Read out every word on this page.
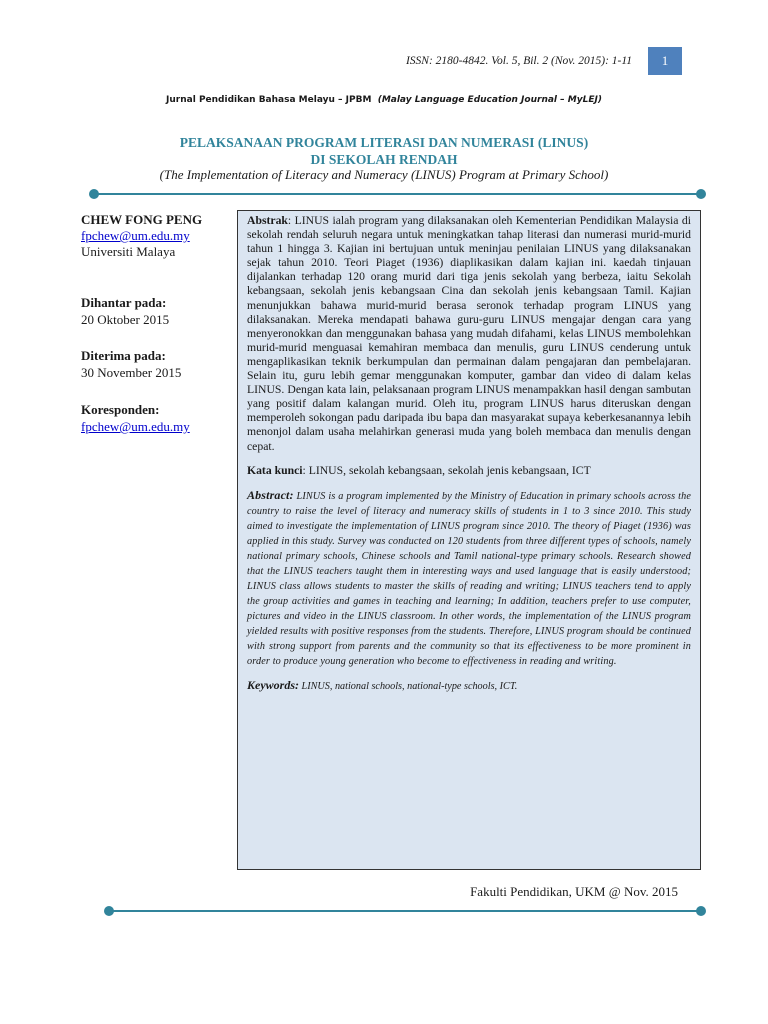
ISSN: 2180-4842. Vol. 5, Bil. 2 (Nov. 2015): 1-11	1
Jurnal Pendidikan Bahasa Melayu – JPBM (Malay Language Education Journal – MyLEJ)
PELAKSANAAN PROGRAM LITERASI DAN NUMERASI (LINUS)
DI SEKOLAH RENDAH
(The Implementation of Literacy and Numeracy (LINUS) Program at Primary School)
CHEW FONG PENG
fpchew@um.edu.my
Universiti Malaya
Dihantar pada:
20 Oktober 2015
Diterima pada:
30 November 2015
Koresponden:
fpchew@um.edu.my

Abstrak: LINUS ialah program yang dilaksanakan oleh Kementerian Pendidikan Malaysia di sekolah rendah seluruh negara untuk meningkatkan tahap literasi dan numerasi murid-murid tahun 1 hingga 3. Kajian ini bertujuan untuk meninjau penilaian LINUS yang dilaksanakan sejak tahun 2010. Teori Piaget (1936) diaplikasikan dalam kajian ini. kaedah tinjauan dijalankan terhadap 120 orang murid dari tiga jenis sekolah yang berbeza, iaitu Sekolah kebangsaan, sekolah jenis kebangsaan Cina dan sekolah jenis kebangsaan Tamil. Kajian menunjukkan bahawa murid-murid berasa seronok terhadap program LINUS yang dilaksanakan. Mereka mendapati bahawa guru-guru LINUS mengajar dengan cara yang menyeronokkan dan menggunakan bahasa yang mudah difahami, kelas LINUS membolehkan murid-murid menguasai kemahiran membaca dan menulis, guru LINUS cenderung untuk mengaplikasikan teknik berkumpulan dan permainan dalam pengajaran dan pembelajaran. Selain itu, guru lebih gemar menggunakan komputer, gambar dan video di dalam kelas LINUS. Dengan kata lain, pelaksanaan program LINUS menampakkan hasil dengan sambutan yang positif dalam kalangan murid. Oleh itu, program LINUS harus diteruskan dengan memperoleh sokongan padu daripada ibu bapa dan masyarakat supaya keberkesanannya lebih menonjol dalam usaha melahirkan generasi muda yang boleh membaca dan menulis dengan cepat.

Kata kunci: LINUS, sekolah kebangsaan, sekolah jenis kebangsaan, ICT

Abstract: LINUS is a program implemented by the Ministry of Education in primary schools across the country to raise the level of literacy and numeracy skills of students in 1 to 3 since 2010. This study aimed to investigate the implementation of LINUS program since 2010. The theory of Piaget (1936) was applied in this study. Survey was conducted on 120 students from three different types of schools, namely national primary schools, Chinese schools and Tamil national-type primary schools. Research showed that the LINUS teachers taught them in interesting ways and used language that is easily understood; LINUS class allows students to master the skills of reading and writing; LINUS teachers tend to apply the group activities and games in teaching and learning; In addition, teachers prefer to use computer, pictures and video in the LINUS classroom. In other words, the implementation of the LINUS program yielded results with positive responses from the students. Therefore, LINUS program should be continued with strong support from parents and the community so that its effectiveness to be more prominent in order to produce young generation who become to effectiveness in reading and writing.

Keywords: LINUS, national schools, national-type schools, ICT.

Fakulti Pendidikan, UKM @ Nov. 2015
